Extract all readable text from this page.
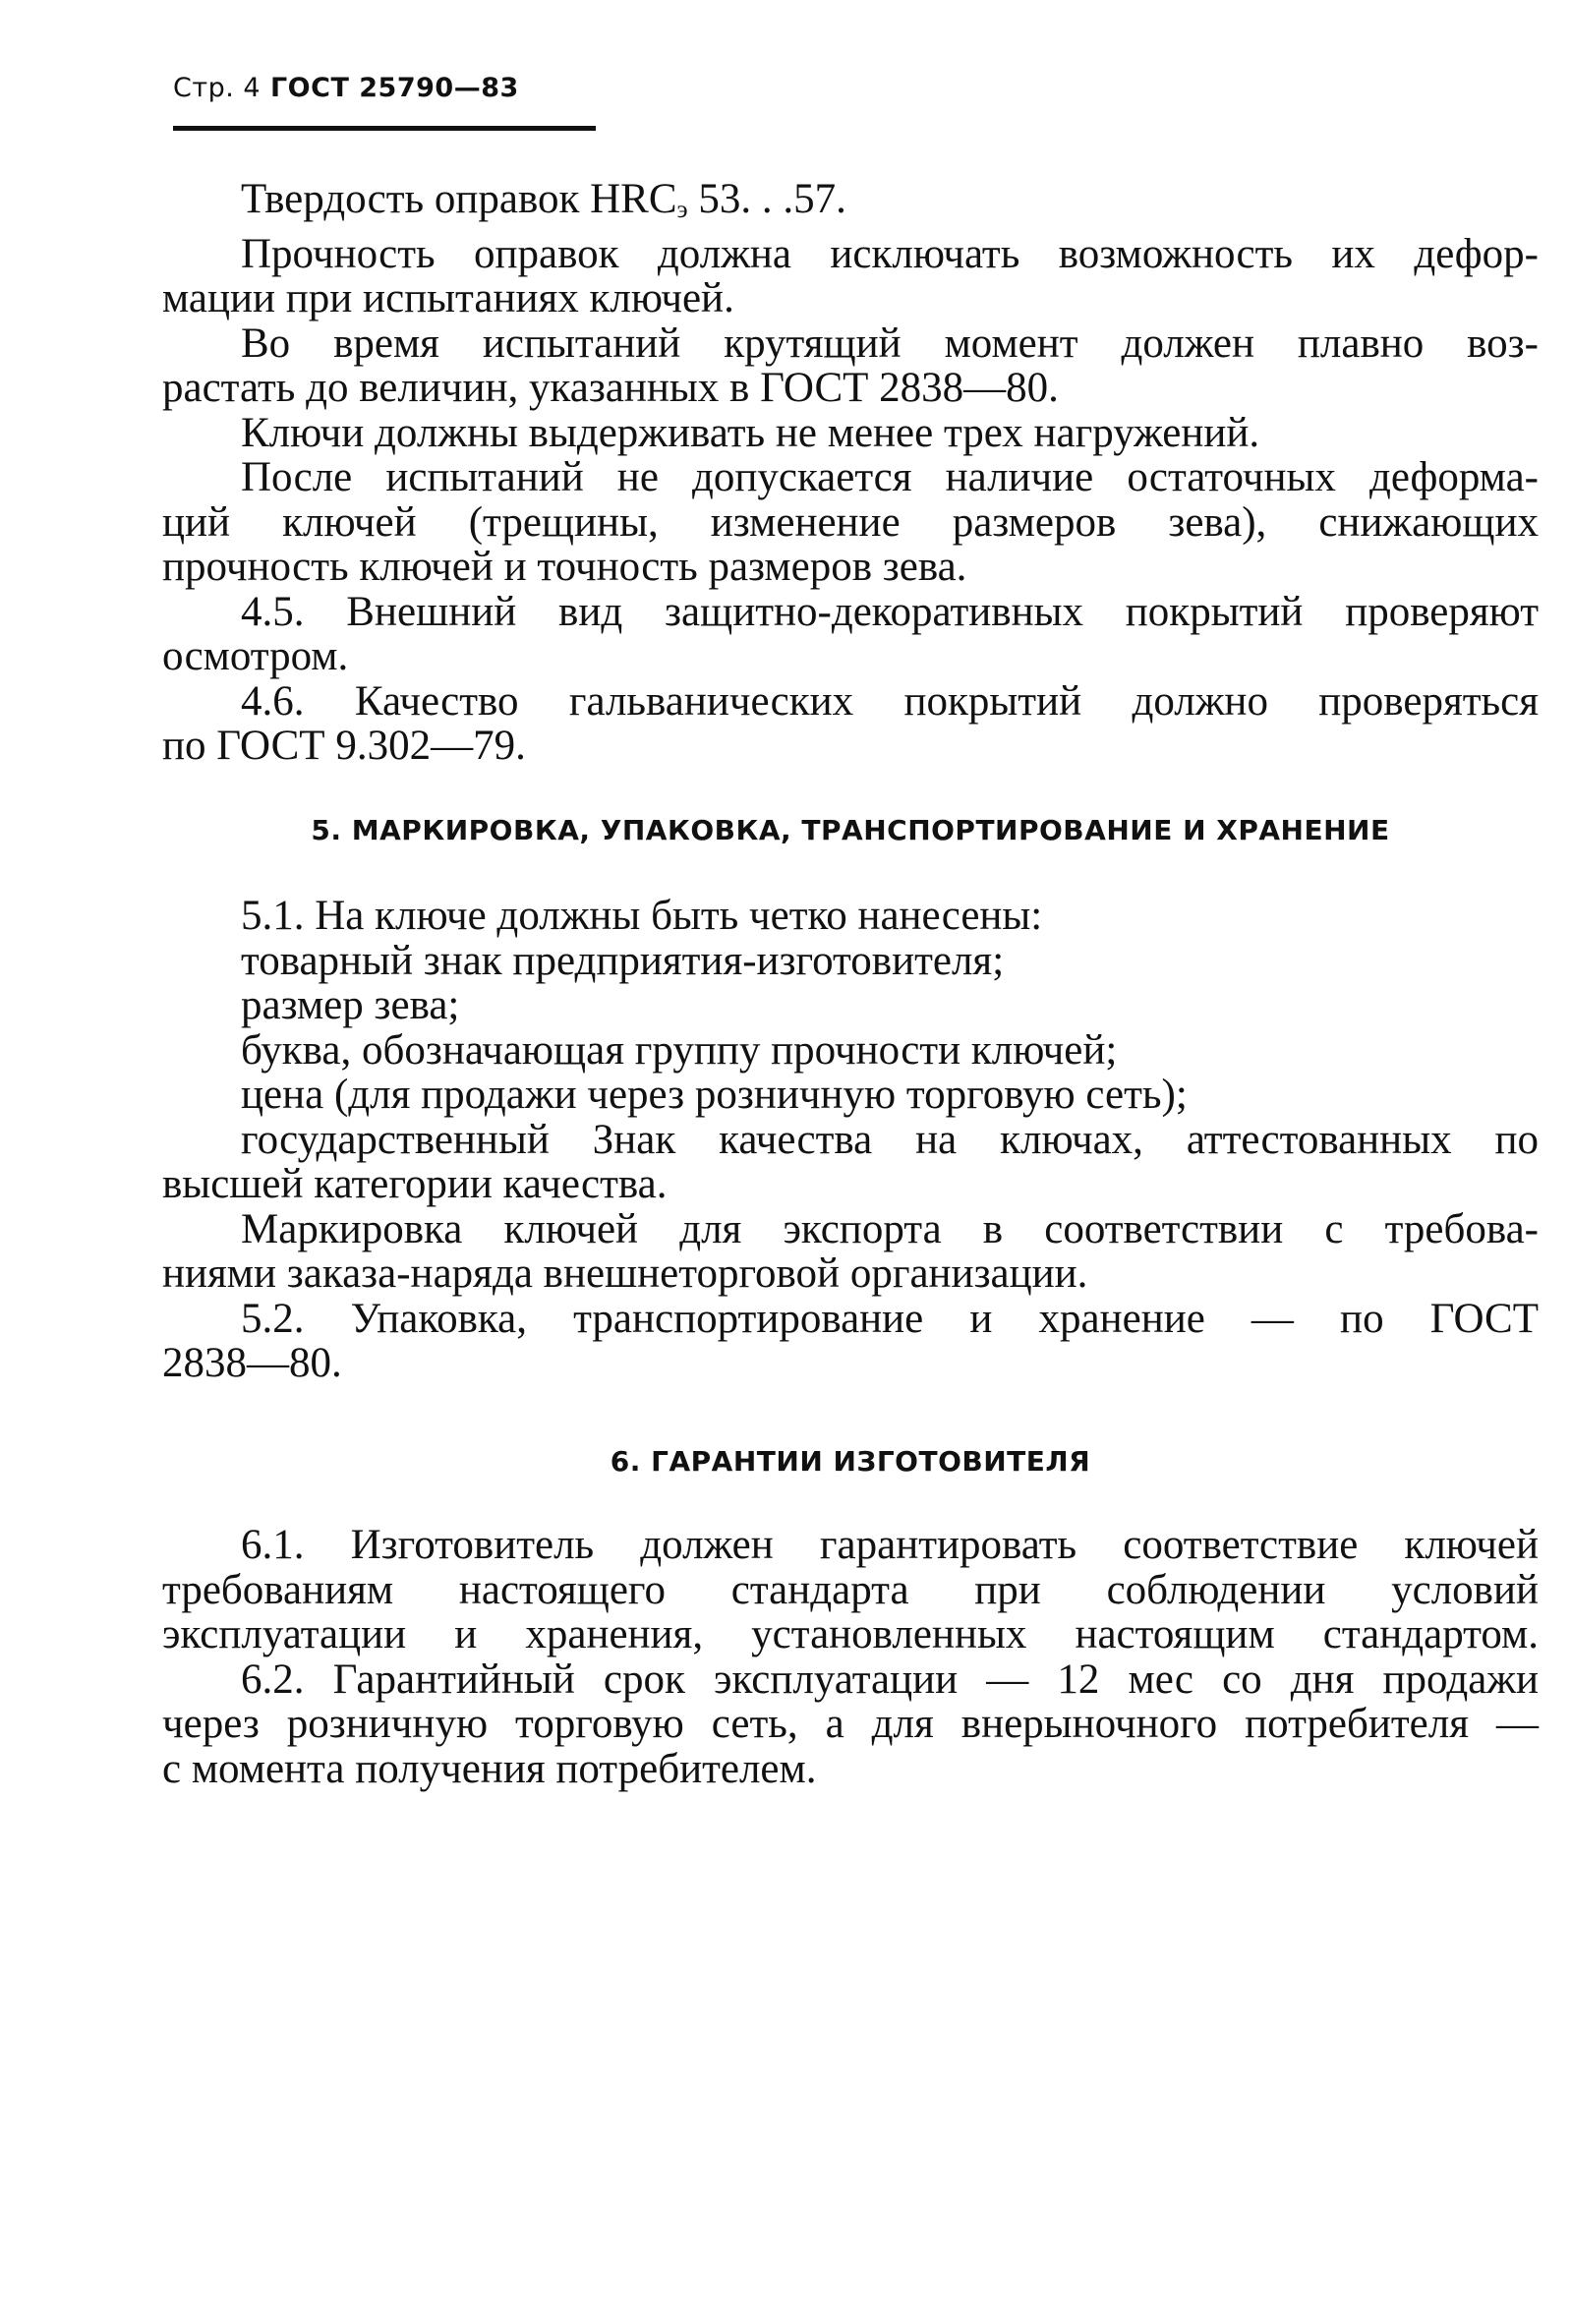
Стр. 4 ГОСТ 25790—83
Твердость оправок $HRC_э$ 53. . .57.
Прочность оправок должна исключать возможность их дефор-
мации при испытаниях ключей.
Во время испытаний крутящий момент должен плавно воз-
растать до величин, указанных в ГОСТ 2838—80.
Ключи должны выдерживать не менее трех нагружений.
После испытаний не допускается наличие остаточных деформа-
ций ключей (трещины, изменение размеров зева), снижающих
прочность ключей и точность размеров зева.
4.5. Внешний вид защитно-декоративных покрытий проверяют
осмотром.
4.6. Качество гальванических покрытий должно проверяться
по ГОСТ 9.302—79.
5. МАРКИРОВКА, УПАКОВКА, ТРАНСПОРТИРОВАНИЕ И ХРАНЕНИЕ
5.1. На ключе должны быть четко нанесены:
товарный знак предприятия-изготовителя;
размер зева;
буква, обозначающая группу прочности ключей;
цена (для продажи через розничную торговую сеть);
государственный Знак качества на ключах, аттестованных по
высшей категории качества.
Маркировка ключей для экспорта в соответствии с требова-
ниями заказа-наряда внешнеторговой организации.
5.2. Упаковка, транспортирование и хранение — по ГОСТ
2838—80.
6. ГАРАНТИИ ИЗГОТОВИТЕЛЯ
6.1. Изготовитель должен гарантировать соответствие ключей
требованиям настоящего стандарта при соблюдении условий
эксплуатации и хранения, установленных настоящим стандартом.
6.2. Гарантийный срок эксплуатации — 12 мес со дня продажи
через розничную торговую сеть, а для внерыночного потребителя —
с момента получения потребителем.
